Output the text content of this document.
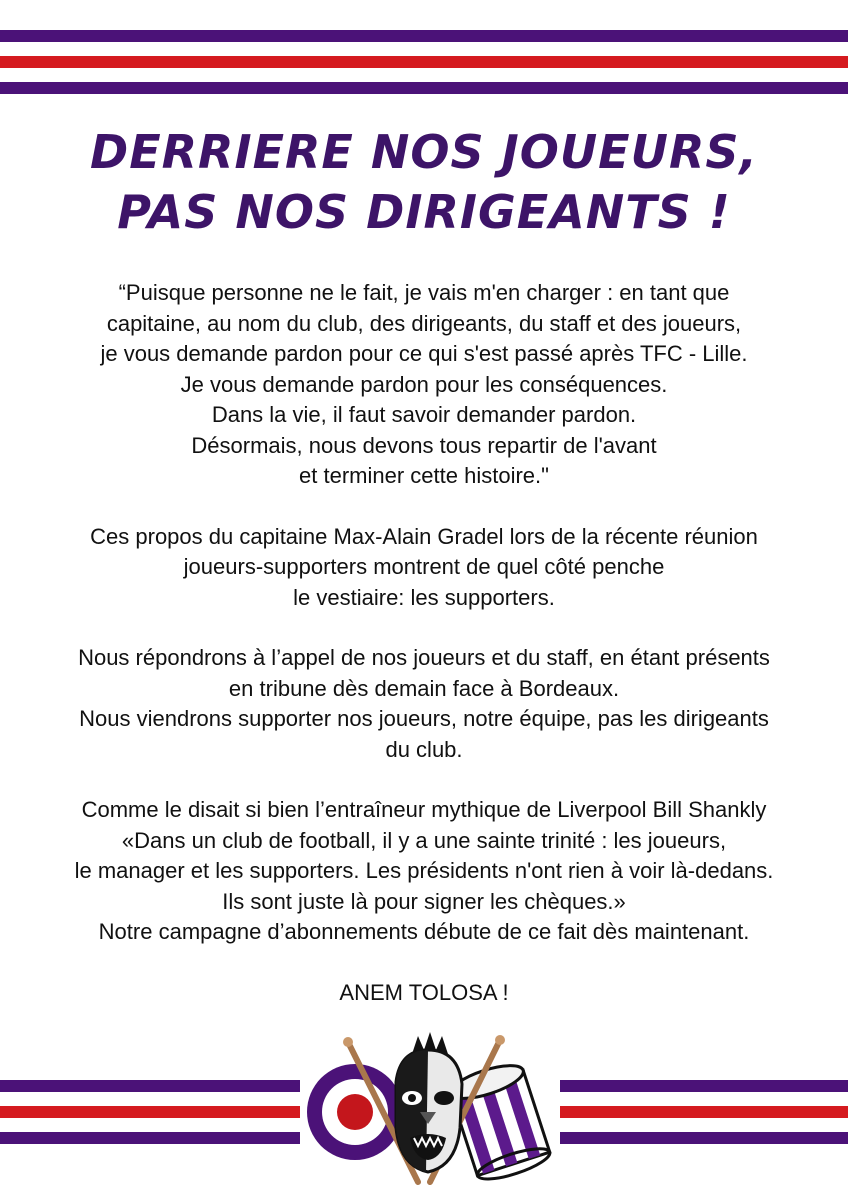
DERRIERE NOS JOUEURS,
PAS NOS DIRIGEANTS !
“Puisque personne ne le fait, je vais m'en charger : en tant que
capitaine, au nom du club, des dirigeants, du staff et des joueurs,
je vous demande pardon pour ce qui s'est passé après TFC - Lille.
Je vous demande pardon pour les conséquences.
Dans la vie, il faut savoir demander pardon.
Désormais, nous devons tous repartir de l'avant
et terminer cette histoire."
Ces propos du capitaine Max-Alain Gradel lors de la récente réunion
joueurs-supporters montrent de quel côté penche
le vestiaire: les supporters.
Nous répondrons à l’appel de nos joueurs et du staff, en étant présents
en tribune dès demain face à Bordeaux.
Nous viendrons supporter nos joueurs, notre équipe, pas les dirigeants
du club.
Comme le disait si bien l’entraîneur mythique de Liverpool Bill Shankly
«Dans un club de football, il y a une sainte trinité : les joueurs,
le manager et les supporters. Les présidents n'ont rien à voir là-dedans.
Ils sont juste là pour signer les chèques.»
Notre campagne d’abonnements débute de ce fait dès maintenant.
ANEM TOLOSA !
